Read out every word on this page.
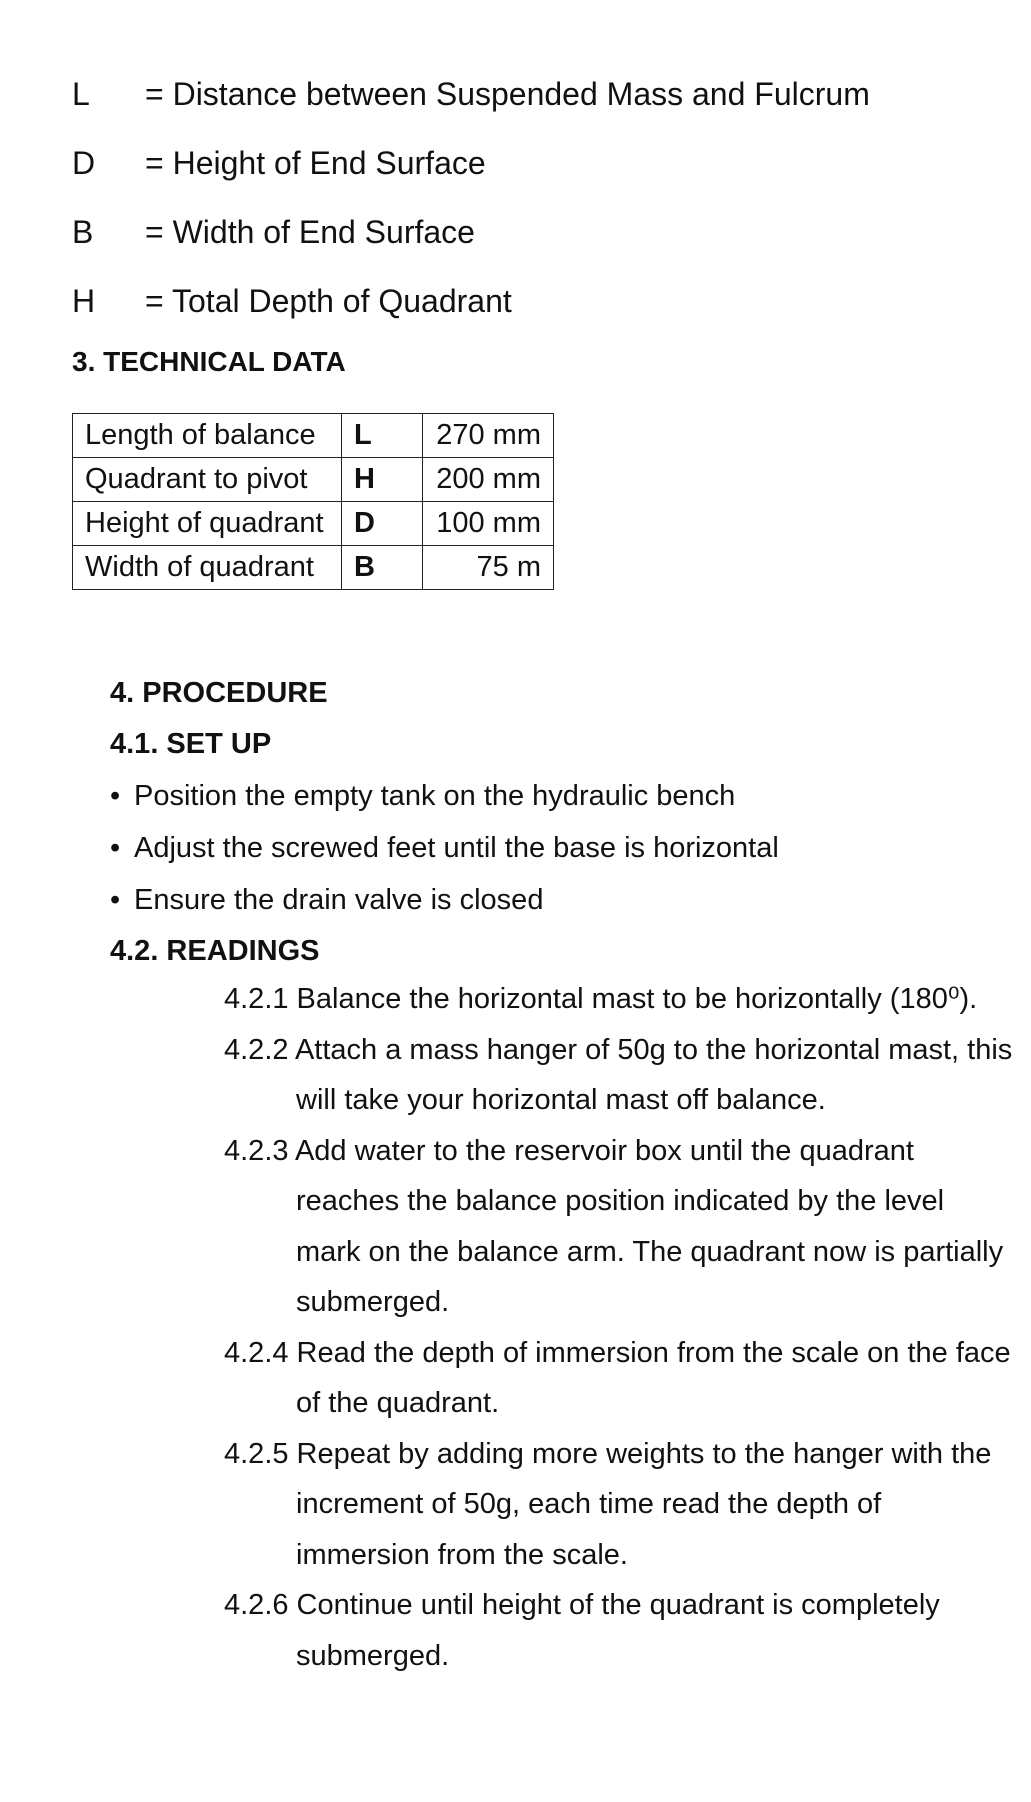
L	= Distance between Suspended Mass and Fulcrum
D	= Height of End Surface
B	= Width of End Surface
H	= Total Depth of Quadrant
3. TECHNICAL DATA
Length of balance	L	270 mm
Quadrant to pivot	H	200 mm
Height of quadrant	D	100 mm
Width of quadrant	B	75 m
4. PROCEDURE
4.1. SET UP
• Position the empty tank on the hydraulic bench
• Adjust the screwed feet until the base is horizontal
• Ensure the drain valve is closed
4.2. READINGS
4.2.1 Balance the horizontal mast to be horizontally (180⁰).
4.2.2 Attach a mass hanger of 50g to the horizontal mast, this will take your horizontal mast off balance.
4.2.3 Add water to the reservoir box until the quadrant reaches the balance position indicated by the level mark on the balance arm. The quadrant now is partially submerged.
4.2.4 Read the depth of immersion from the scale on the face of the quadrant.
4.2.5 Repeat by adding more weights to the hanger with the increment of 50g, each time read the depth of immersion from the scale.
4.2.6 Continue until height of the quadrant is completely submerged.
